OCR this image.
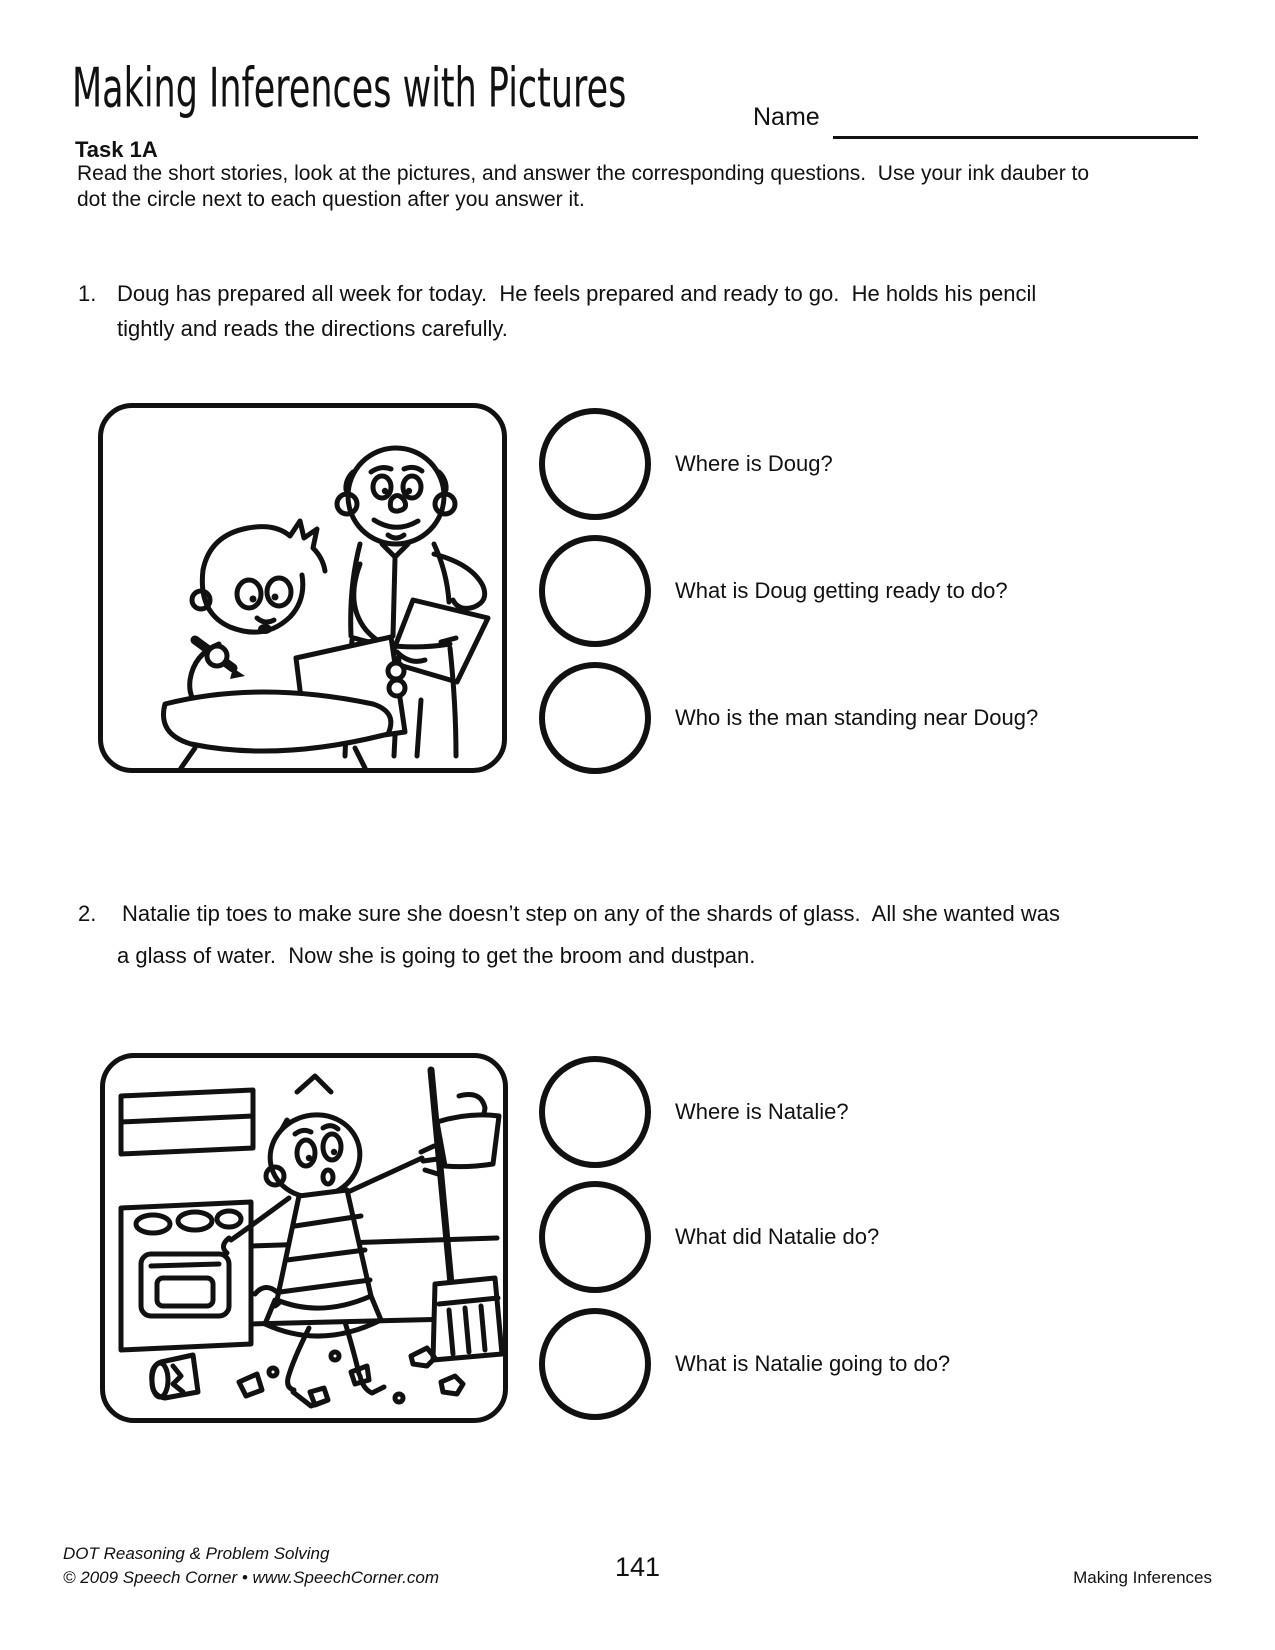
Making Inferences with Pictures	Name
Task 1A
Read the short stories, look at the pictures, and answer the corresponding questions.  Use your ink dauber to
dot the circle next to each question after you answer it.
1. Doug has prepared all week for today.  He feels prepared and ready to go.  He holds his pencil
tightly and reads the directions carefully.
Where is Doug?
What is Doug getting ready to do?
Who is the man standing near Doug?
2. Natalie tip toes to make sure she doesn’t step on any of the shards of glass.  All she wanted was
a glass of water.  Now she is going to get the broom and dustpan.
Where is Natalie?
What did Natalie do?
What is Natalie going to do?
DOT Reasoning & Problem Solving
© 2009 Speech Corner • www.SpeechCorner.com	141	Making Inferences
